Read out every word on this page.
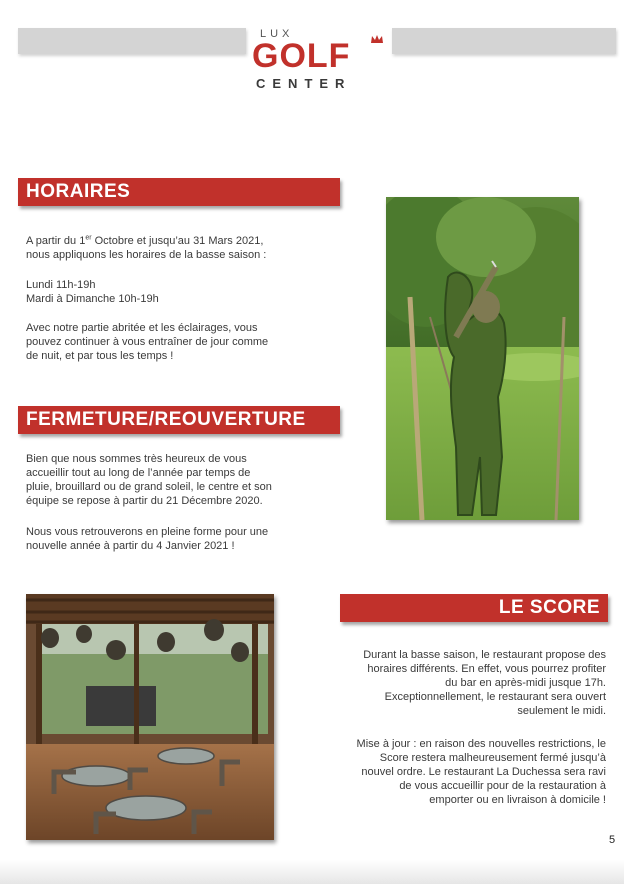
LUX
GOLF
CENTER
HORAIRES

A partir du 1er Octobre et jusqu’au 31 Mars 2021,
nous appliquons les horaires de la basse saison :

Lundi 11h-19h
Mardi à Dimanche 10h-19h

Avec notre partie abritée et les éclairages, vous
pouvez continuer à vous entraîner de jour comme
de nuit, et par tous les temps !

FERMETURE/REOUVERTURE

Bien que nous sommes très heureux de vous
accueillir tout au long de l’année par temps de
pluie, brouillard ou de grand soleil, le centre et son
équipe se repose à partir du 21 Décembre 2020.

Nous vous retrouverons en pleine forme pour une
nouvelle année à partir du 4 Janvier 2021 !

LE SCORE

Durant la basse saison, le restaurant propose des
horaires différents. En effet, vous pourrez profiter
du bar en après-midi jusque 17h.
Exceptionnellement, le restaurant sera ouvert
seulement le midi.

Mise à jour : en raison des nouvelles restrictions, le
Score restera malheureusement fermé jusqu’à
nouvel ordre. Le restaurant La Duchessa sera ravi
de vous accueillir pour de la restauration à
emporter ou en livraison à domicile !

5
